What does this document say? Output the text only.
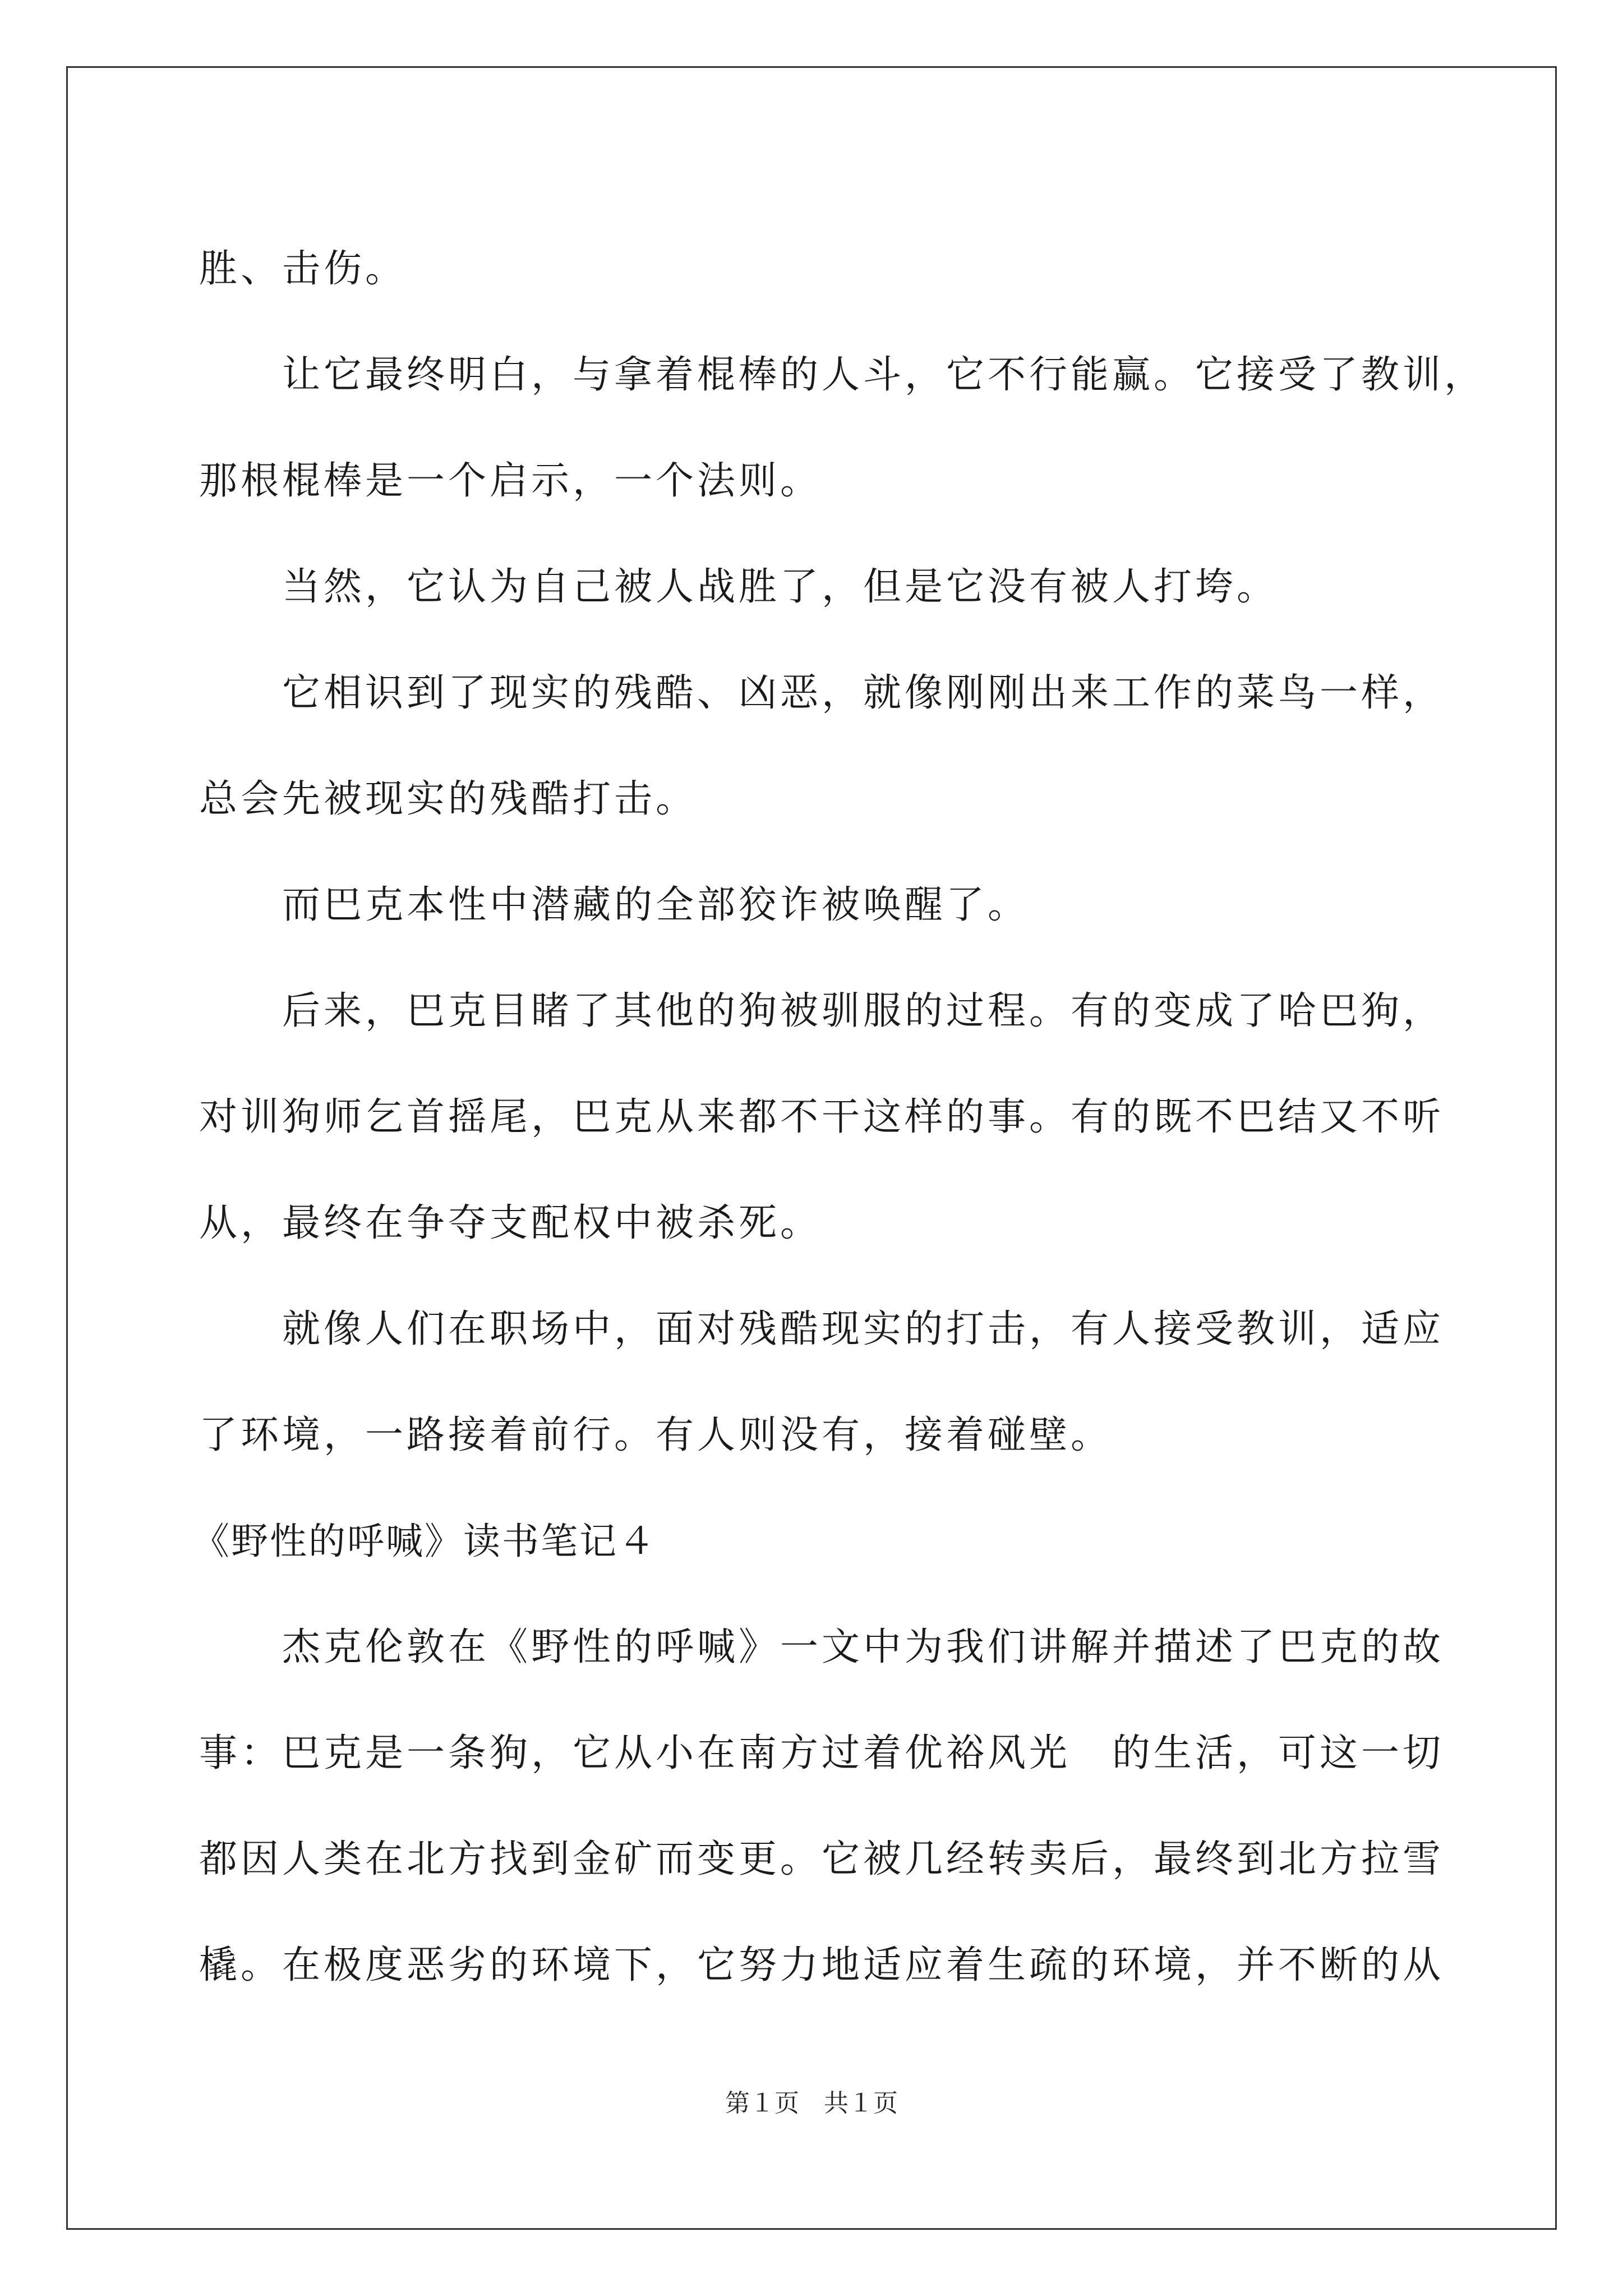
胜、击伤。
让它最终明白，与拿着棍棒的人斗，它不行能赢。它接受了教训，
那根棍棒是一个启示，一个法则。
当然，它认为自己被人战胜了，但是它没有被人打垮。
它相识到了现实的残酷、凶恶，就像刚刚出来工作的菜鸟一样，
总会先被现实的残酷打击。
而巴克本性中潜藏的全部狡诈被唤醒了。
后来，巴克目睹了其他的狗被驯服的过程。有的变成了哈巴狗，
对训狗师乞首摇尾，巴克从来都不干这样的事。有的既不巴结又不听
从，最终在争夺支配权中被杀死。
就像人们在职场中，面对残酷现实的打击，有人接受教训，适应
了环境，一路接着前行。有人则没有，接着碰壁。
《野性的呼喊》读书笔记４
杰克伦敦在《野性的呼喊》一文中为我们讲解并描述了巴克的故
事：巴克是一条狗，它从小在南方过着优裕风光　的生活，可这一切
都因人类在北方找到金矿而变更。它被几经转卖后，最终到北方拉雪
橇。在极度恶劣的环境下，它努力地适应着生疏的环境，并不断的从
第１页　共１页
